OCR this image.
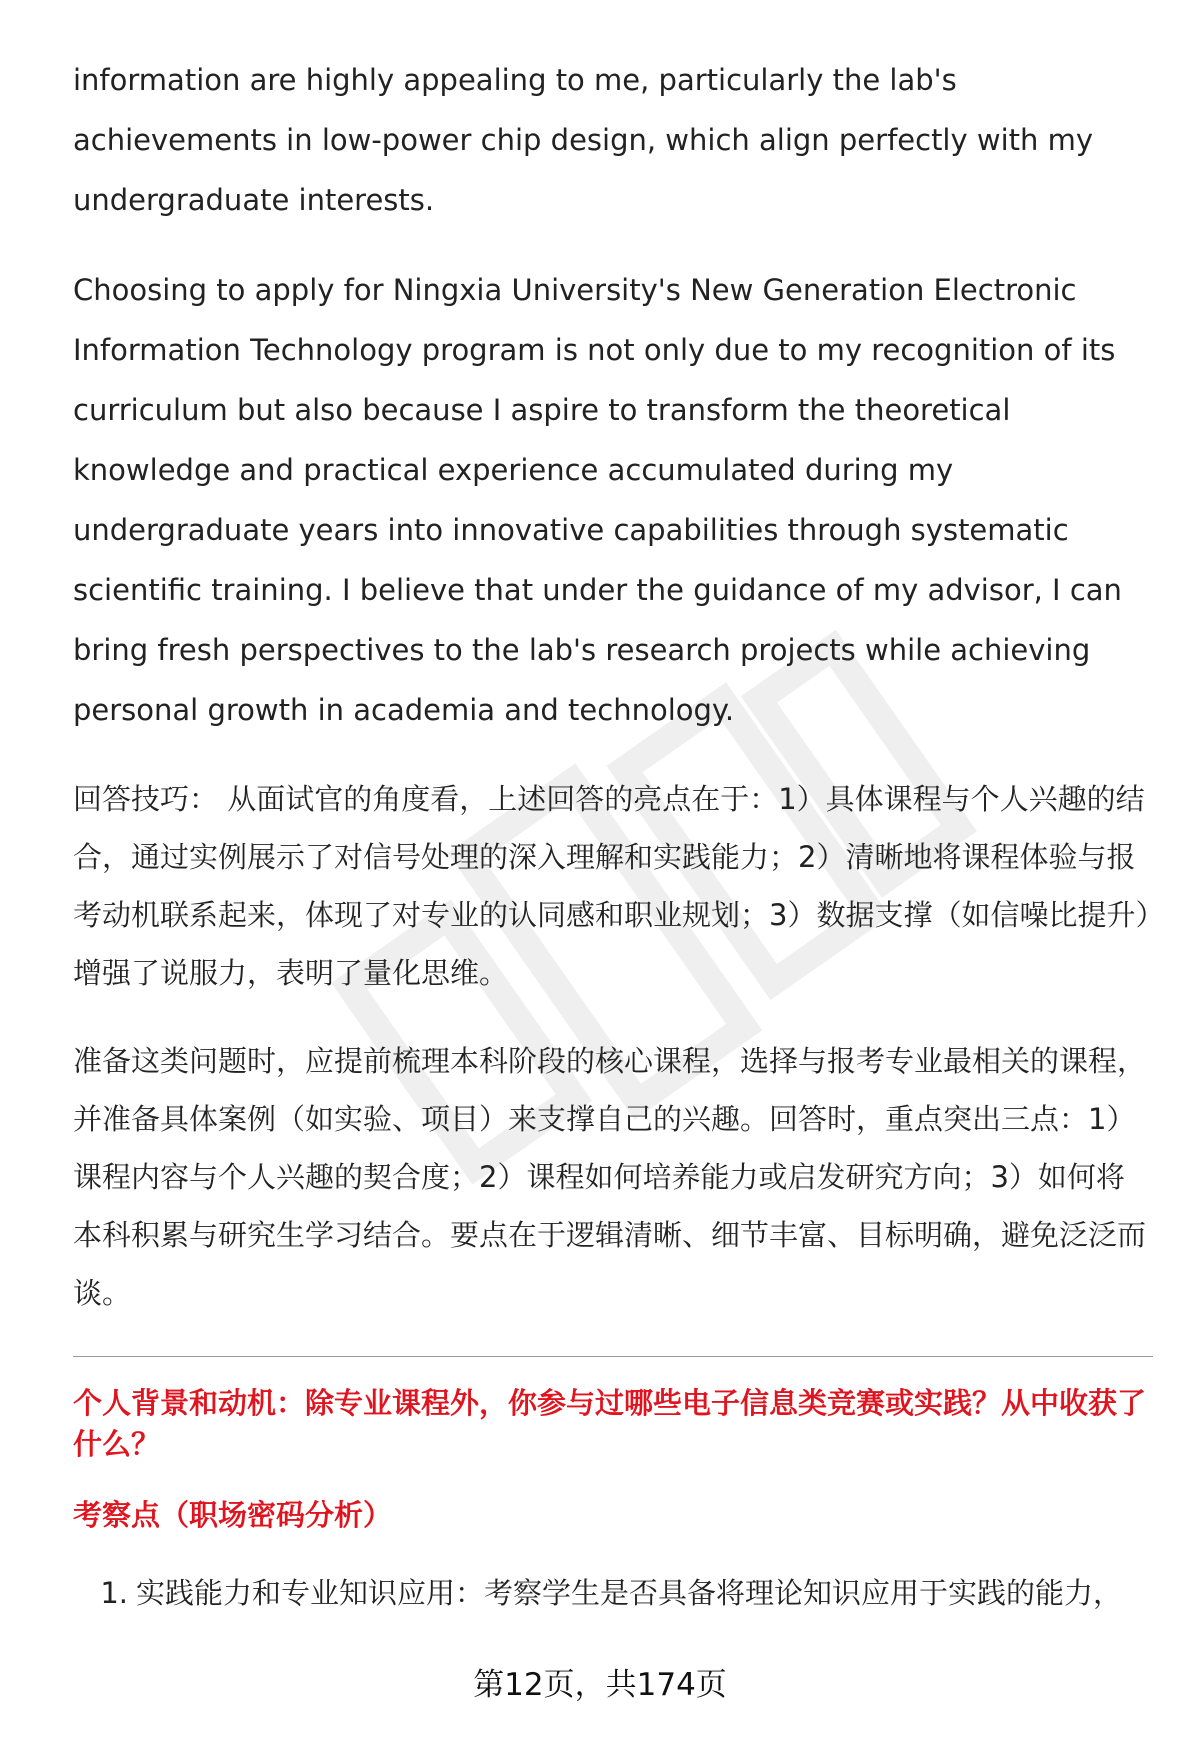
information are highly appealing to me, particularly the lab's achievements in low-power chip design, which align perfectly with my undergraduate interests.

Choosing to apply for Ningxia University's New Generation Electronic Information Technology program is not only due to my recognition of its curriculum but also because I aspire to transform the theoretical knowledge and practical experience accumulated during my undergraduate years into innovative capabilities through systematic scientific training. I believe that under the guidance of my advisor, I can bring fresh perspectives to the lab's research projects while achieving personal growth in academia and technology.

回答技巧： 从面试官的角度看，上述回答的亮点在于：1）具体课程与个人兴趣的结合，通过实例展示了对信号处理的深入理解和实践能力；2）清晰地将课程体验与报考动机联系起来，体现了对专业的认同感和职业规划；3）数据支撑（如信噪比提升）增强了说服力，表明了量化思维。

准备这类问题时，应提前梳理本科阶段的核心课程，选择与报考专业最相关的课程，并准备具体案例（如实验、项目）来支撑自己的兴趣。回答时，重点突出三点：1）课程内容与个人兴趣的契合度；2）课程如何培养能力或启发研究方向；3）如何将本科积累与研究生学习结合。要点在于逻辑清晰、细节丰富、目标明确，避免泛泛而谈。

个人背景和动机：除专业课程外，你参与过哪些电子信息类竞赛或实践？从中收获了什么？
考察点（职场密码分析）
1. 实践能力和专业知识应用：考察学生是否具备将理论知识应用于实践的能力，
第12页，共174页
